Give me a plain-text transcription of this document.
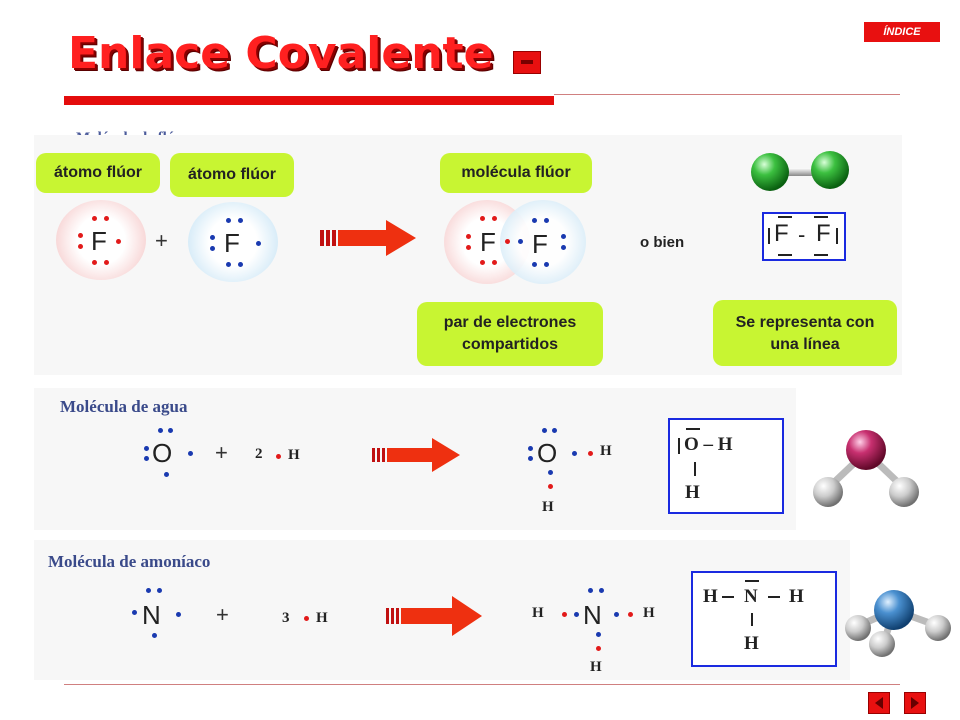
Enlace Covalente	ÍNDICE
átomo flúor	átomo flúor	molécula flúor
F + F	F F	o bien	F - F
par de electrones compartidos
Se representa con una línea
Molécula de agua
O + 2 H	O	H
H
O – H
H
Molécula de amoníaco
N	+	3 H	N
H	H
H
H N H
H
